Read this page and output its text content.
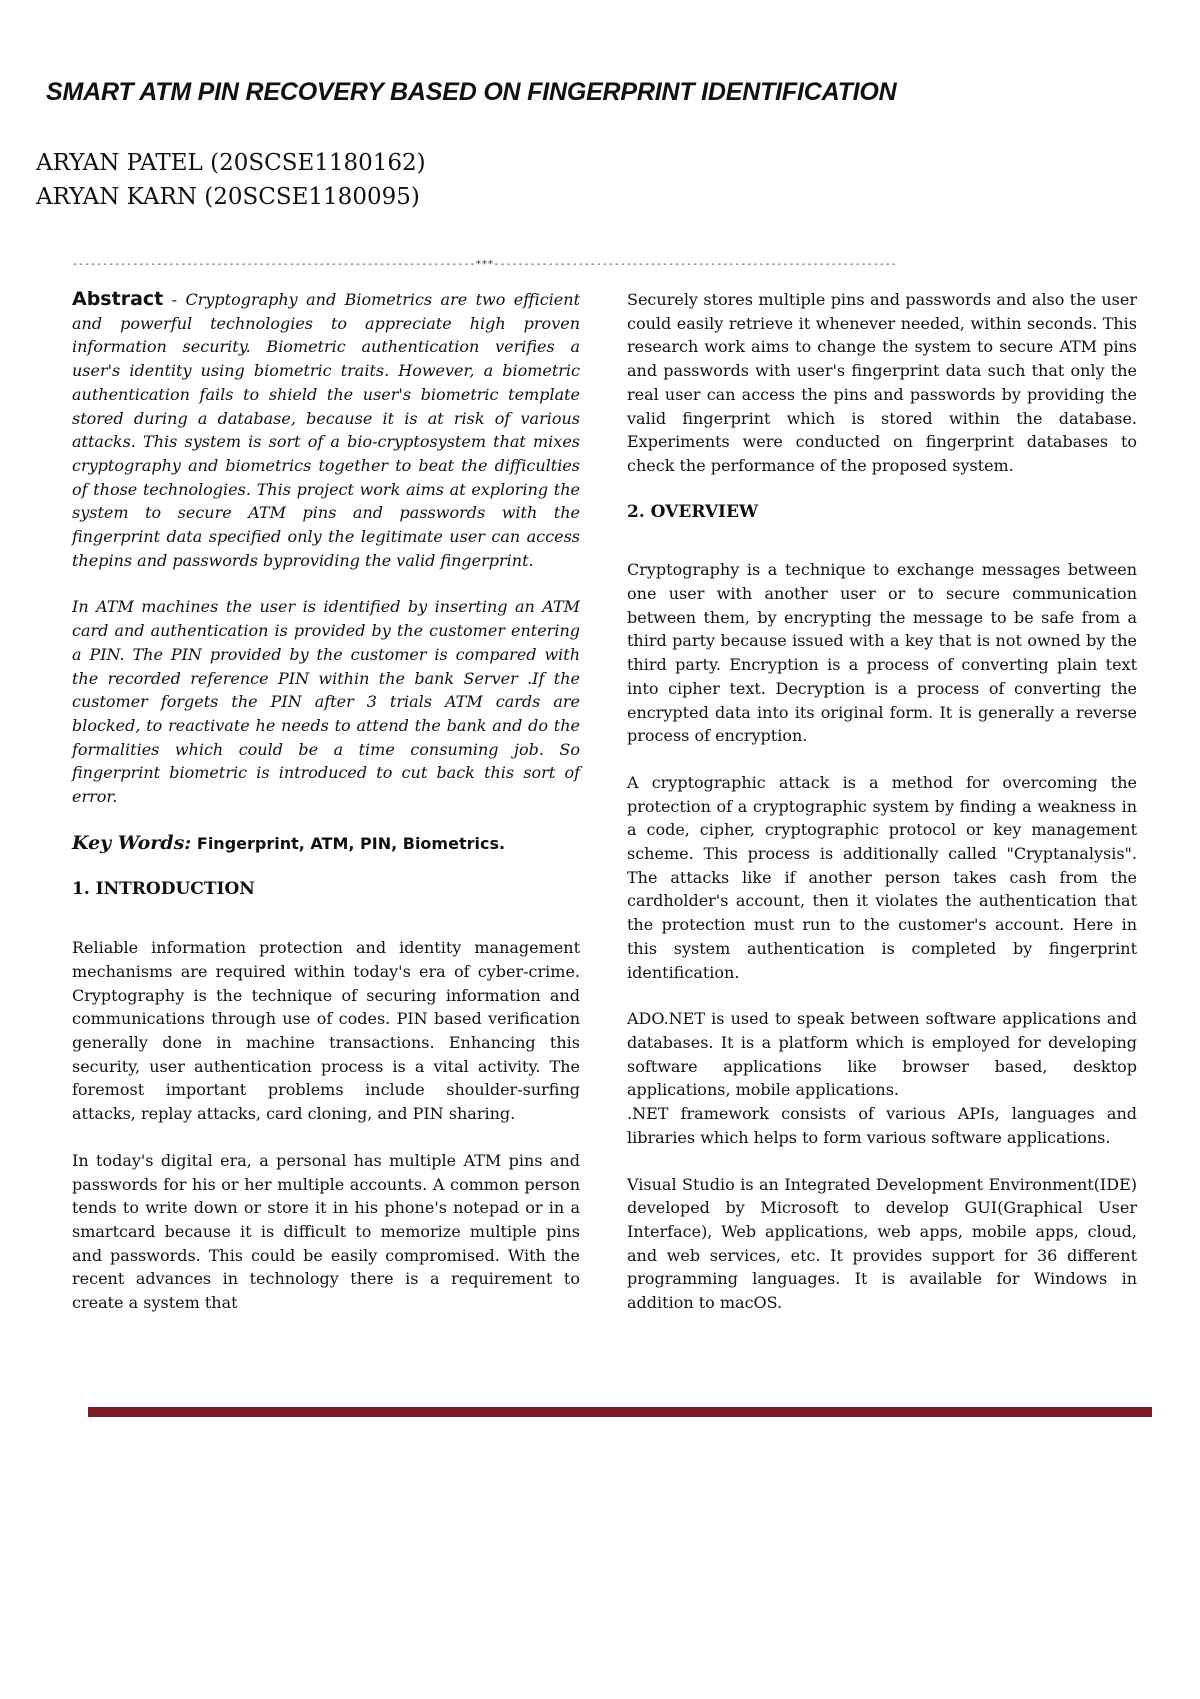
SMART ATM PIN RECOVERY BASED ON FINGERPRINT IDENTIFICATION
ARYAN PATEL (20SCSE1180162)
ARYAN KARN (20SCSE1180095)
-------------------------------------------------------------------***-------------------------------------------------------------------

Abstract - Cryptography and Biometrics are two efficient and powerful technologies to appreciate high proven information security. Biometric authentication verifies a user's identity using biometric traits. However, a biometric authentication fails to shield the user's biometric template stored during a database, because it is at risk of various attacks. This system is sort of a bio-cryptosystem that mixes cryptography and biometrics together to beat the difficulties of those technologies. This project work aims at exploring the system to secure ATM pins and passwords with the fingerprint data specified only the legitimate user can access thepins and passwords byproviding the valid fingerprint.

In ATM machines the user is identified by inserting an ATM card and authentication is provided by the customer entering a PIN. The PIN provided by the customer is compared with the recorded reference PIN within the bank Server .If the customer forgets the PIN after 3 trials ATM cards are blocked, to reactivate he needs to attend the bank and do the formalities which could be a time consuming job. So fingerprint biometric is introduced to cut back this sort of error.

Key Words: Fingerprint, ATM, PIN, Biometrics.

1. INTRODUCTION

Reliable information protection and identity management mechanisms are required within today's era of cyber-crime. Cryptography is the technique of securing information and communications through use of codes. PIN based verification generally done in machine transactions. Enhancing this security, user authentication process is a vital activity. The foremost important problems include shoulder-surfing attacks, replay attacks, card cloning, and PIN sharing.

In today's digital era, a personal has multiple ATM pins and passwords for his or her multiple accounts. A common person tends to write down or store it in his phone's notepad or in a smartcard because it is difficult to memorize multiple pins and passwords. This could be easily compromised. With the recent advances in technology there is a requirement to create a system that

Securely stores multiple pins and passwords and also the user could easily retrieve it whenever needed, within seconds. This research work aims to change the system to secure ATM pins and passwords with user's fingerprint data such that only the real user can access the pins and passwords by providing the valid fingerprint which is stored within the database. Experiments were conducted on fingerprint databases to check the performance of the proposed system.

2. OVERVIEW

Cryptography is a technique to exchange messages between one user with another user or to secure communication between them, by encrypting the message to be safe from a third party because issued with a key that is not owned by the third party. Encryption is a process of converting plain text into cipher text. Decryption is a process of converting the encrypted data into its original form. It is generally a reverse process of encryption.

A cryptographic attack is a method for overcoming the protection of a cryptographic system by finding a weakness in a code, cipher, cryptographic protocol or key management scheme. This process is additionally called "Cryptanalysis". The attacks like if another person takes cash from the cardholder's account, then it violates the authentication that the protection must run to the customer's account. Here in this system authentication is completed by fingerprint identification.

ADO.NET is used to speak between software applications and databases. It is a platform which is employed for developing software applications like browser based, desktop applications, mobile applications.

.NET framework consists of various APIs, languages and libraries which helps to form various software applications.

Visual Studio is an Integrated Development Environment(IDE) developed by Microsoft to develop GUI(Graphical User Interface), Web applications, web apps, mobile apps, cloud, and web services, etc. It provides support for 36 different programming languages. It is available for Windows in addition to macOS.
